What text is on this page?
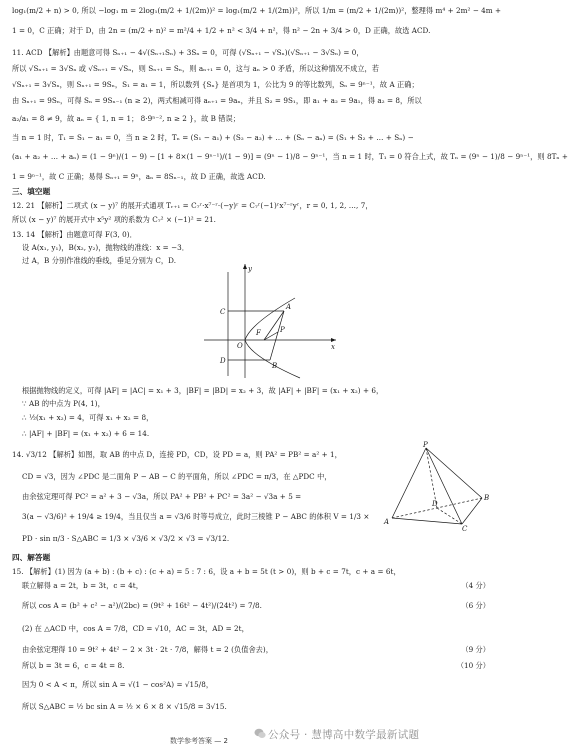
log₁(m/2 + n) > 0, 所以 −log₁ m = 2log₁(m/2 + 1/(2m))² = log₁(m/2 + 1/(2m))²，所以 1/m = (m/2 + 1/(2m))²，整理得 m⁴ + 2m² − 4m +
1 = 0，C 正确；对于 D，由 2n = (m/2 + n)² = m²/4 + 1/2 + n² < 3/4 + n²，得 n² − 2n + 3/4 > 0，D 正确，故选 ACD.
11. ACD 【解析】由题意可得 Sₙ₊₁ − 4√(Sₙ₊₁Sₙ) + 3Sₙ = 0，可得 (√Sₙ₊₁ − √Sₙ)(√Sₙ₊₁ − 3√Sₙ) = 0，
所以 √Sₙ₊₁ = 3√Sₙ 或 √Sₙ₊₁ = √Sₙ，则 Sₙ₊₁ = Sₙ，则 aₙ₊₁ = 0，这与 aₙ > 0 矛盾，所以这种情况不成立，若
√Sₙ₊₁ = 3√Sₙ，则 Sₙ₊₁ = 9Sₙ，S₁ = a₁ = 1，所以数列 {Sₙ} 是首项为 1，公比为 9 的等比数列，Sₙ = 9ⁿ⁻¹，故 A 正确；
由 Sₙ₊₁ = 9Sₙ，可得 Sₙ = 9Sₙ₋₁ (n ≥ 2)，两式相减可得 aₙ₊₁ = 9aₙ，并且 S₂ = 9S₁，即 a₁ + a₂ = 9a₁，得 a₂ = 8，所以
a₂/a₁ = 8 ≠ 9，故 aₙ = { 1, n = 1； 8·9ⁿ⁻², n ≥ 2 }，故 B 错误；
当 n = 1 时，T₁ = S₁ − a₁ = 0，当 n ≥ 2 时，Tₙ = (S₁ − a₁) + (S₂ − a₂) + … + (Sₙ − aₙ) = (S₁ + S₂ + … + Sₙ) −
(a₁ + a₂ + … + aₙ) = (1 − 9ⁿ)/(1 − 9) − [1 + 8×(1 − 9ⁿ⁻¹)/(1 − 9)] = (9ⁿ − 1)/8 − 9ⁿ⁻¹，当 n = 1 时，T₁ = 0 符合上式，故 Tₙ = (9ⁿ − 1)/8 − 9ⁿ⁻¹，则 8Tₙ +
1 = 9ⁿ⁻¹，故 C 正确；易得 Sₙ₊₁ = 9ⁿ，aₙ = 8Sₙ₋₁，故 D 正确，故选 ACD.
三、填空题
12. 21 【解析】二项式 (x − y)⁷ 的展开式通项 Tᵣ₊₁ = C₇ʳ·x⁷⁻ʳ·(−y)ʳ = C₇ʳ(−1)ʳx⁷⁻ʳyʳ，r = 0, 1, 2, …, 7，
所以 (x − y)⁷ 的展开式中 x⁵y² 项的系数为 C₇² × (−1)² = 21.
13. 14 【解析】由题意可得 F(3, 0)．
设 A(x₁, y₁)，B(x₂, y₂)，抛物线的准线：x = −3．
过 A，B 分别作准线的垂线，垂足分别为 C，D.
y
x
O
A
B
C
D
F	P
根据抛物线的定义，可得 |AF| = |AC| = x₁ + 3，|BF| = |BD| = x₂ + 3，故 |AF| + |BF| = (x₁ + x₂) + 6，
∵ AB 的中点为 P(4, 1)，
∴ ½(x₁ + x₂) = 4，可得 x₁ + x₂ = 8，
∴ |AF| + |BF| = (x₁ + x₂) + 6 = 14.
14. √3/12 【解析】如图，取 AB 的中点 D，连接 PD，CD，设 PD = a，则 PA² = PB² = a² + 1，
CD = √3，因为 ∠PDC 是二面角 P − AB − C 的平面角，所以 ∠PDC = π/3，在 △PDC 中，
由余弦定理可得 PC² = a² + 3 − √3a，所以 PA² + PB² + PC² = 3a² − √3a + 5 =
3(a − √3/6)² + 19/4 ≥ 19/4，当且仅当 a = √3/6 时等号成立，此时三棱锥 P − ABC 的体积 V = 1/3 ×
PD · sin π/3 · S△ABC = 1/3 × √3/6 × √3/2 × √3 = √3/12.
P
A
B
C
D
四、解答题
15. 【解析】(1) 因为 (a + b) : (b + c) : (c + a) = 5 : 7 : 6，设 a + b = 5t (t > 0)，则 b + c = 7t，c + a = 6t，
联立解得 a = 2t，b = 3t，c = 4t，	（4 分）
所以 cos A = (b² + c² − a²)/(2bc) = (9t² + 16t² − 4t²)/(24t²) = 7/8.	（6 分）
(2) 在 △ACD 中，cos A = 7/8，CD = √10，AC = 3t，AD = 2t，
由余弦定理得 10 = 9t² + 4t² − 2 × 3t · 2t · 7/8，解得 t = 2 (负值舍去)，	（9 分）
所以 b = 3t = 6，c = 4t = 8.	（10 分）
因为 0 < A < π，所以 sin A = √(1 − cos²A) = √15/8，
所以 S△ABC = ½ bc sin A = ½ × 6 × 8 × √15/8 = 3√15.
数学参考答案 — 2	公众号 · 慧博高中数学最新试题
